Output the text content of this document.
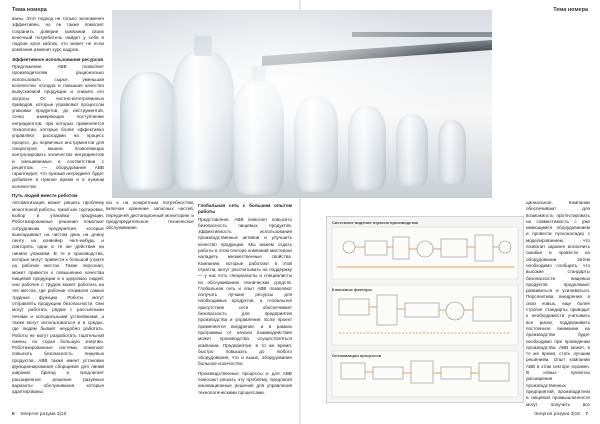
Тема номера	Тема номера

ваны. Этот подход не только экономичен эффективен, но он также помогает сохранить доверие компании своих конечный потребитель найдет у себя в ладони хрое каблек, это может не если компания изменит курс кадров.

Эффективное использование ресурсов

Предложение АВВ позволяет производителям рационально использовать сырье, уменьшая количество отходов и повышая качество выпускаемой продукции и снизить его затраты. От частно-интегрованных приводов, которые управляют процессом упаковки продуктов, до инструментов, точно измеряющих поступление ингредиентов, при которых применяется технологии, которые более эффективно управляют расходами на процесс процесс, до первичных инструментов для операторов машин, позволяющих контролировать количество ингредиентов и смешиваемые в соответствии с рецептом, — оборудование АВВ гарантирует, что нужный ингредиент будет добавлен в нужное время и в нужном количестве.

Путь людей вместе роботом

Автоматизация может решить проблему монотонной работы, такой как сортировка, выбор и упаковка продукции. Роботизированные решения помогают сотрудникам предприятия, которые выкладывают на чистом день на длину ленту на конвейер чего-нибудь и повторять одни и те же действия на линиях упаковки. В те и производства, которые могут привести к большой утрате на рабочих местах. Такие персонал, может привести к повышению качества пищевой продукции и к здоровью людей: они рабочее с трудом может работать на тех местах, где рабочие отнимали самые трудные функции. Роботы могут отправлять продукцию безопасности. Они могут работать рядом с рассыпными печами и холодильными установками, а также могут использоваться и в средах, где людям бывает неудобно работать. Роботы не могут разработать тщательной смены, но соран большую энергию. Роботизированные системы помогают повысить безопасность пищевых продуктов. АВВ также имеет установки функционирования сборщиков для линий широких бригад и предлагает расширенное решение разумные варианты обслуживания, которые адаптированы

ны к на конкретным потребностям, включая хранение запасных частей, передачей дистанционный мониторинг и предупредительное техническое обслуживание.

Глобальная сеть с большим опытом работы

Представлене, АВВ помогает повысить безопасность пищевых продуктов, эффективность использования производственных активов и улучшить качество продукции. Мы можем отдать работы в этом секторе компаний мастерски наладить множественные свойства. Компании, которые работают в этой отрасли, могут рассчитывать на поддержку — у нас есть специалисты и специалисты по обслуживанию технических средств. Глобальная сеть и опыт АВВ позволяют получать лучшие ресурсы для необходимых продуктов, а глобальное присутствие сети обеспечивает безопасность для предприятия производства и управления. Если проект применяется внедрение, и в рамках программы от начала взаимодействия может производства осуществляться компании. Предприятие, в то же время, быстро повышать до любого оборудования, что и выше, оборудование большое количество.

Производственные процессы и для АВВ помогают решать эту проблему, предлагая инновационные решения для управления технологическими процессами.

Системное видение отрасли производства
Ключевые факторы
Оптимизация процессов

циональное. Компании обеспечивают для возможность протестировать на совместимость с уже имеющимся оборудованием и провести пусконаладку с моделированием, что позволит заранее исключить ошибки и провести на оборудовании. Затем необходимо сообщить, что высокие стандарты безопасности пищевых продуктов продолжают развиваться и усиливаться. Перспектива внедрения в свои новых, еще более строгие стандарты приводит к необходимости учитывать все риски, поддерживать постоянное внимание на производстве будет необходимо при проведении производства. АВВ может, в то же время, стать лучшим решением. Опыт компании АВВ в этом секторе огромен. В новых проектах расширения производственных предприятий, производители и пищевой промышленности могут получить все

6 Энергия разума 3|18	Энергия разума 3|18 7
